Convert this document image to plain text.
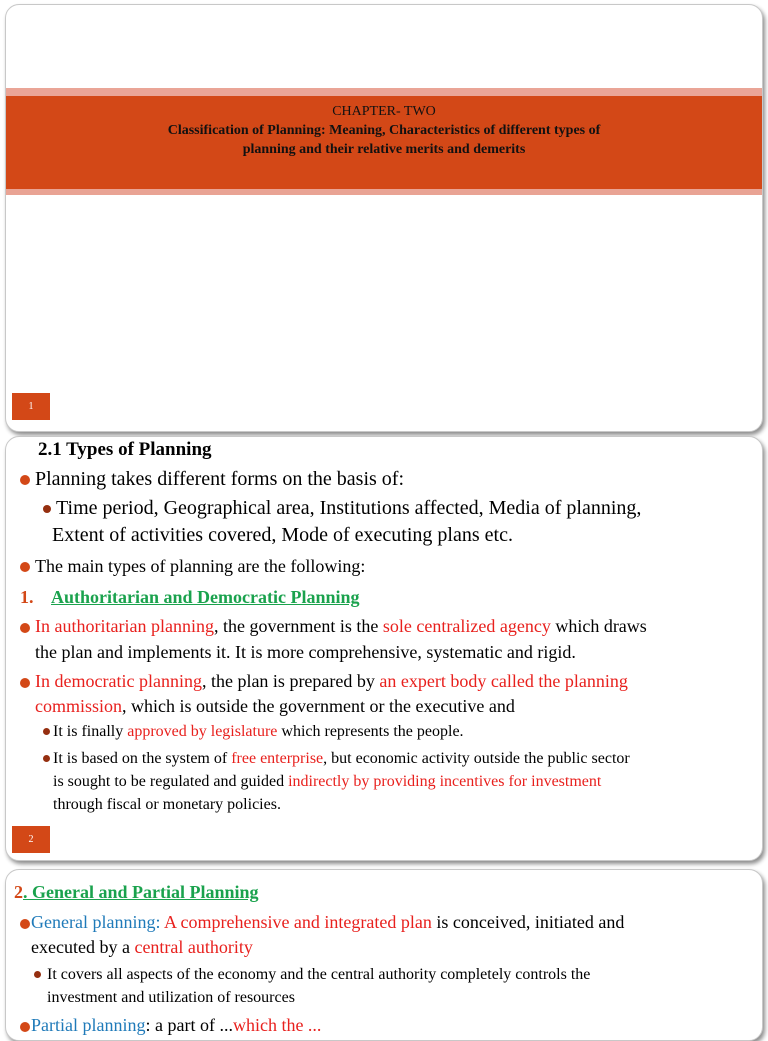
CHAPTER- TWO
Classification of Planning: Meaning, Characteristics of different types of
planning and their relative merits and demerits
1
2.1 Types of Planning
Planning takes different forms on the basis of:
Time period, Geographical area, Institutions affected, Media of planning,
Extent of activities covered, Mode of executing plans etc.
The main types of planning are the following:
1. Authoritarian and Democratic Planning
In authoritarian planning, the government is the sole centralized agency which draws
the plan and implements it. It is more comprehensive, systematic and rigid.
In democratic planning, the plan is prepared by an expert body called the planning
commission, which is outside the government or the executive and
It is finally approved by legislature which represents the people.
It is based on the system of free enterprise, but economic activity outside the public sector
is sought to be regulated and guided indirectly by providing incentives for investment
through fiscal or monetary policies.
2
2. General and Partial Planning
General planning: A comprehensive and integrated plan is conceived, initiated and
executed by a central authority
It covers all aspects of the economy and the central authority completely controls the
investment and utilization of resources
Partial planning: a part of ...which the ...
